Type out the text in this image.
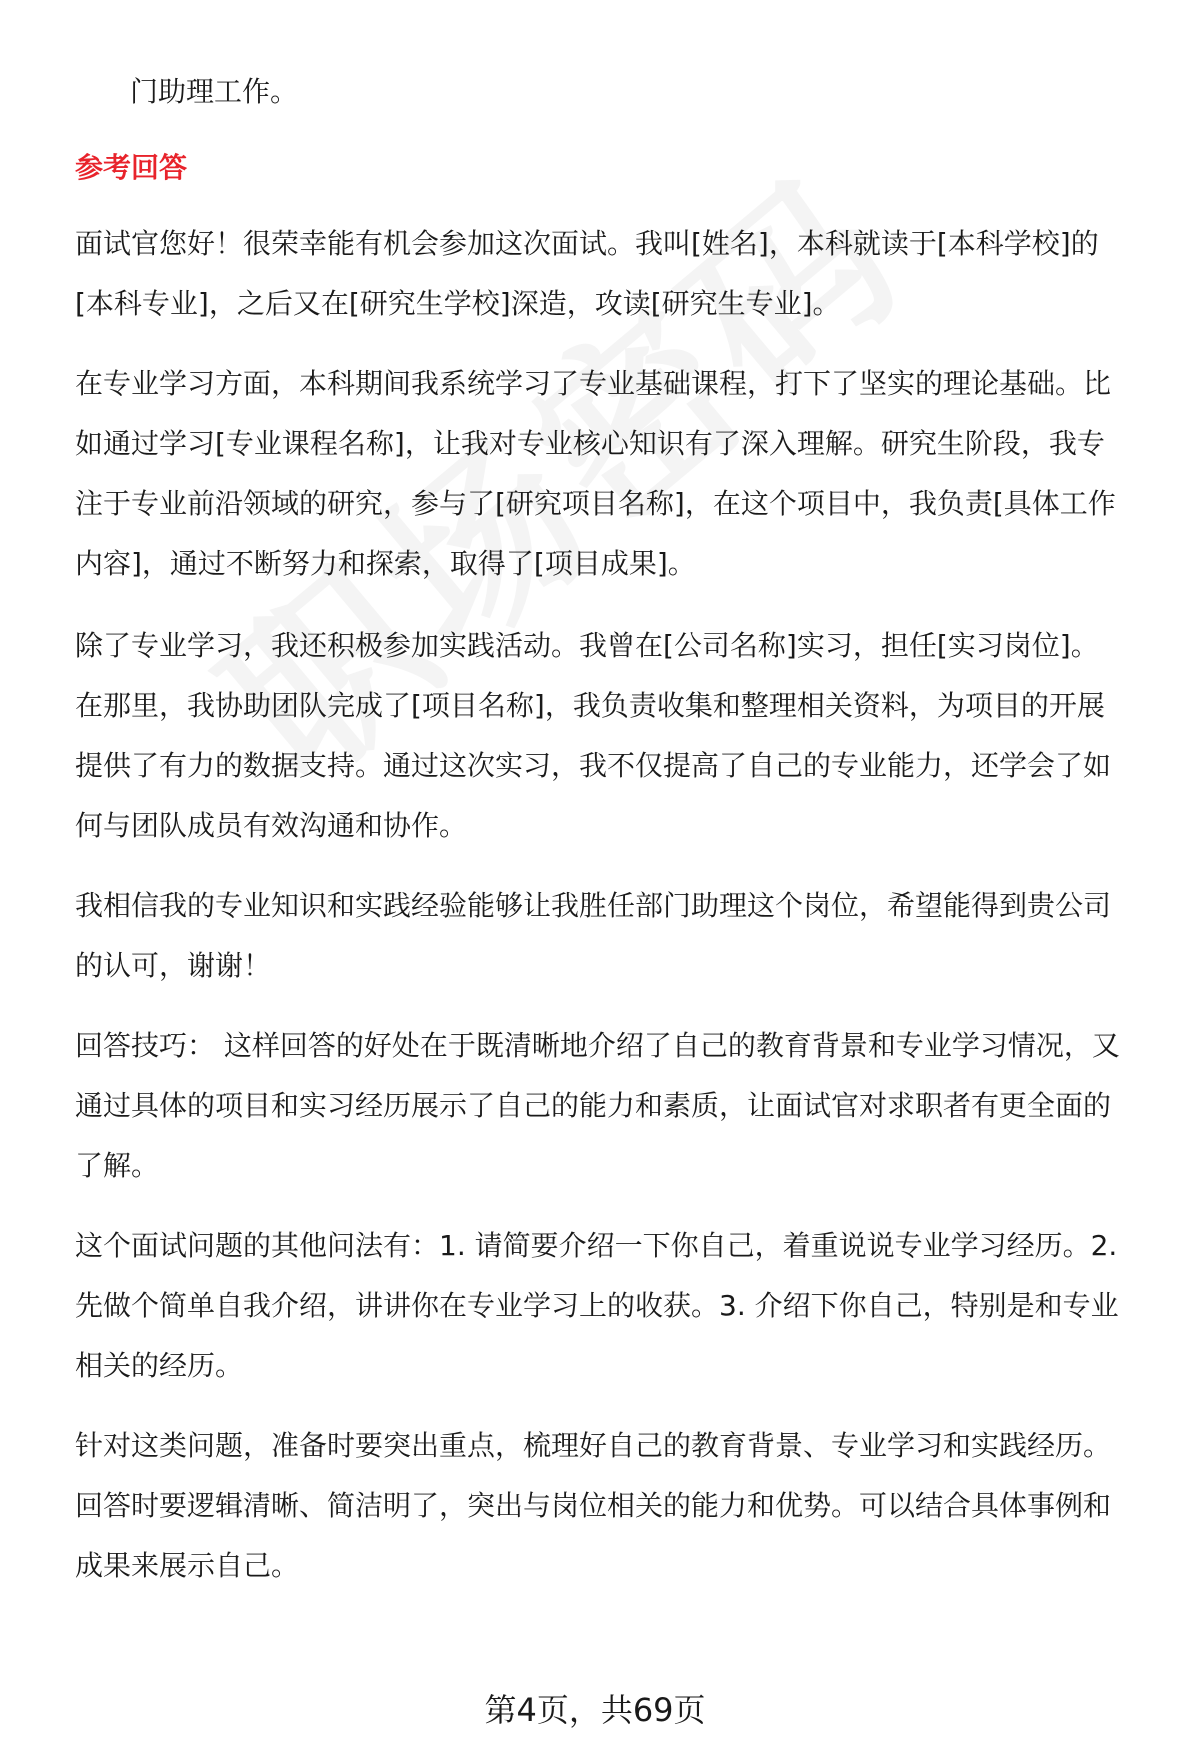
门助理工作。
参考回答
面试官您好！很荣幸能有机会参加这次面试。我叫[姓名]，本科就读于[本科学校]的[本科专业]，之后又在[研究生学校]深造，攻读[研究生专业]。
在专业学习方面，本科期间我系统学习了专业基础课程，打下了坚实的理论基础。比如通过学习[专业课程名称]，让我对专业核心知识有了深入理解。研究生阶段，我专注于专业前沿领域的研究，参与了[研究项目名称]，在这个项目中，我负责[具体工作内容]，通过不断努力和探索，取得了[项目成果]。
除了专业学习，我还积极参加实践活动。我曾在[公司名称]实习，担任[实习岗位]。在那里，我协助团队完成了[项目名称]，我负责收集和整理相关资料，为项目的开展提供了有力的数据支持。通过这次实习，我不仅提高了自己的专业能力，还学会了如何与团队成员有效沟通和协作。
我相信我的专业知识和实践经验能够让我胜任部门助理这个岗位，希望能得到贵公司的认可，谢谢！
回答技巧： 这样回答的好处在于既清晰地介绍了自己的教育背景和专业学习情况，又通过具体的项目和实习经历展示了自己的能力和素质，让面试官对求职者有更全面的了解。
这个面试问题的其他问法有：1. 请简要介绍一下你自己，着重说说专业学习经历。2. 先做个简单自我介绍，讲讲你在专业学习上的收获。3. 介绍下你自己，特别是和专业相关的经历。
针对这类问题，准备时要突出重点，梳理好自己的教育背景、专业学习和实践经历。回答时要逻辑清晰、简洁明了，突出与岗位相关的能力和优势。可以结合具体事例和成果来展示自己。
第4页，共69页
